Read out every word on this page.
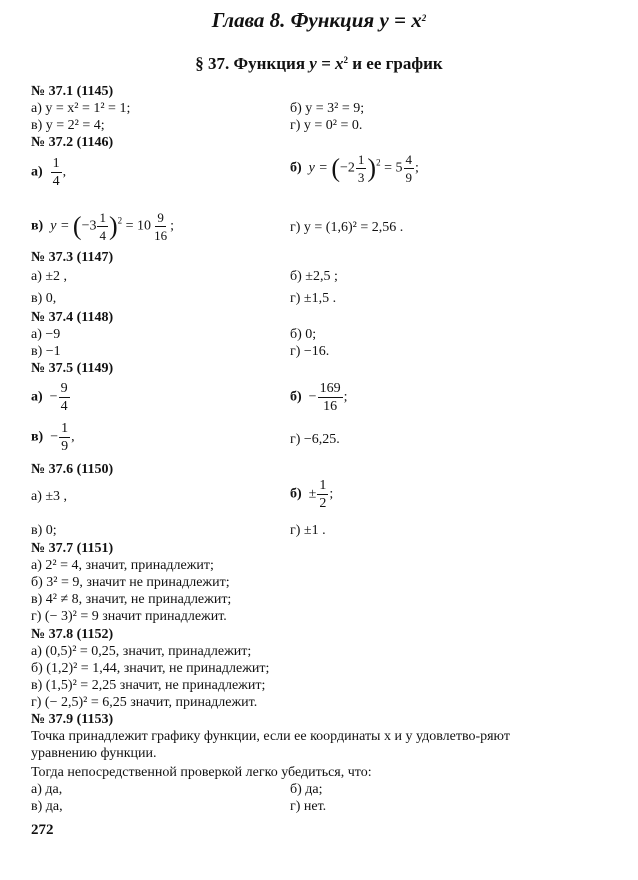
Глава 8. Функция $y = x^2$
§ 37. Функция $y = x^2$ и ее график
№ 37.1 (1145)
а) y = x² = 1² = 1;	б) y = 3² = 9;
в) y = 2² = 4;	г) y = 0² = 0.
№ 37.2 (1146)
$а) \frac{1}{4}$ ,	б) $y = (-2 \frac{1}{3} )^2 = 5 \frac{4}{9}$ ;
в) $y = (-3 \frac{1}{4} )^2 = 10 \frac{9}{16}$ ;	г) y = (1,6)² = 2,56 .
№ 37.3 (1147)
а) ±2 ,	б) ±2,5 ;
в) 0,	г) ±1,5 .
№ 37.4 (1148)
а) −9	б) 0;
в) −1	г) −16.
№ 37.5 (1149)
$а) - \frac{9}{4}$	$б) - \frac{169}{16}$ ;
$в) - \frac{1}{9}$ ,	г) −6,25.
№ 37.6 (1150)
а) ±3 ,	$б) \pm \frac{1}{2}$ ;
в) 0;	г) ±1 .
№ 37.7 (1151)
а) 2² = 4, значит, принадлежит;
б) 3² = 9, значит не принадлежит;
в) 4² ≠ 8, значит, не принадлежит;
г) (− 3)² = 9 значит принадлежит.
№ 37.8 (1152)
а) (0,5)² = 0,25, значит, принадлежит;
б) (1,2)² = 1,44, значит, не принадлежит;
в) (1,5)² = 2,25 значит, не принадлежит;
г) (− 2,5)² = 6,25 значит, принадлежит.
№ 37.9 (1153)
Точка принадлежит графику функции, если ее координаты x и y удовлетво-ряют уравнению функции.
Тогда непосредственной проверкой легко убедиться, что:
а) да,	б) да;
в) да,	г) нет.
272
